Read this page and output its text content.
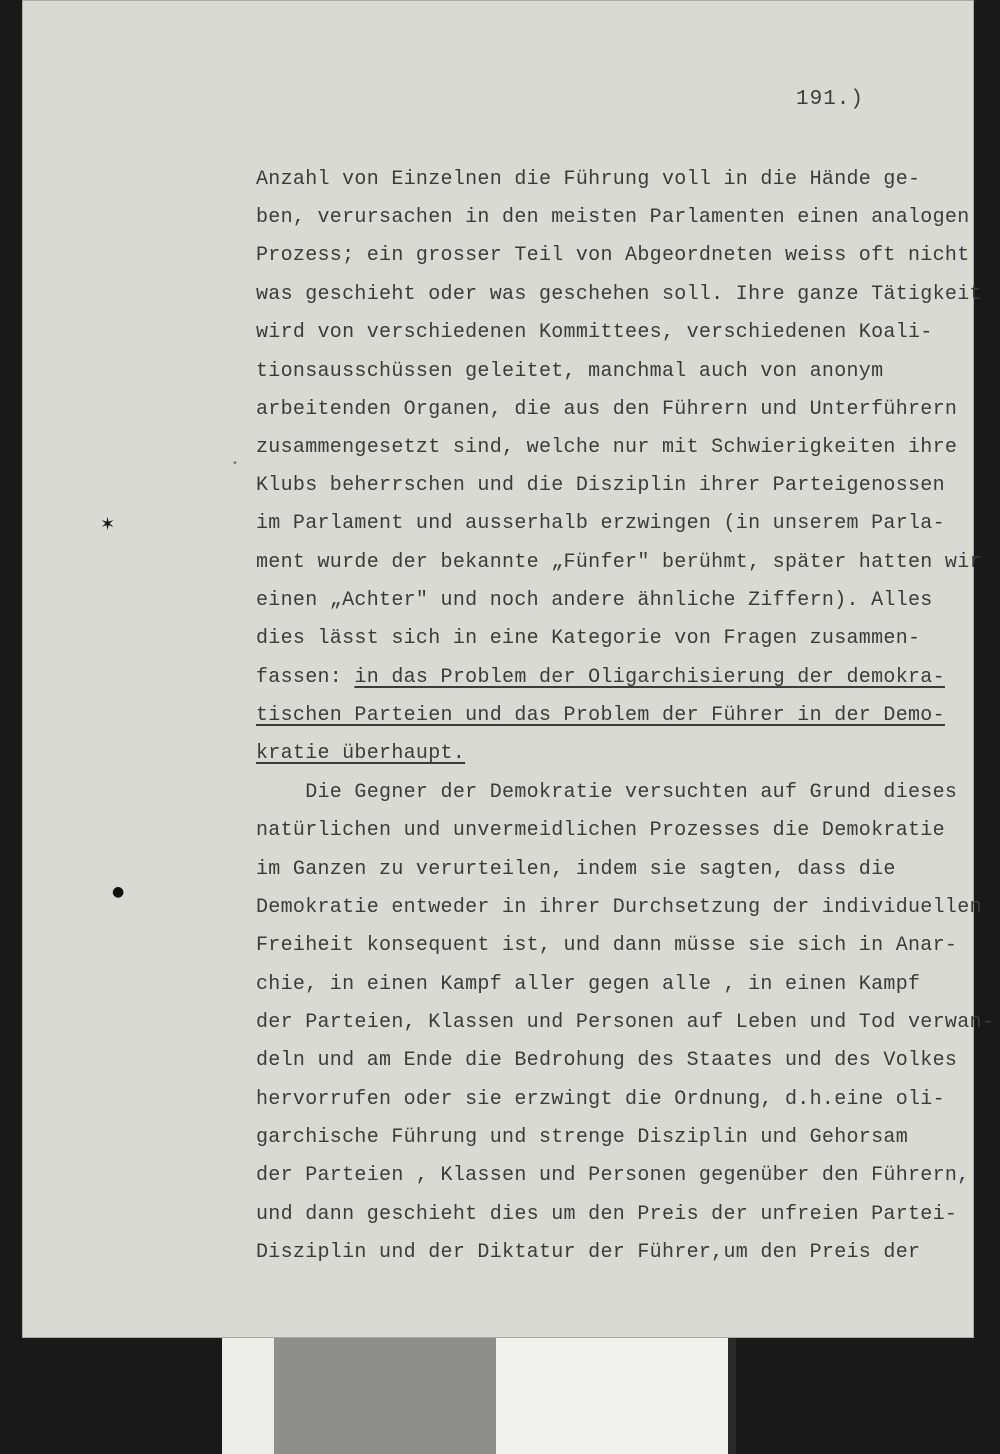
191.)
✶
●
•
Anzahl von Einzelnen die Führung voll in die Hände ge-
ben, verursachen in den meisten Parlamenten einen analogen
Prozess; ein grosser Teil von Abgeordneten weiss oft nicht
was geschieht oder was geschehen soll. Ihre ganze Tätigkeit
wird von verschiedenen Kommittees, verschiedenen Koali-
tionsausschüssen geleitet, manchmal auch von anonym
arbeitenden Organen, die aus den Führern und Unterführern
zusammengesetzt sind, welche nur mit Schwierigkeiten ihre
Klubs beherrschen und die Disziplin ihrer Parteigenossen
im Parlament und ausserhalb erzwingen (in unserem Parla-
ment wurde der bekannte „Fünfer" berühmt, später hatten wir
einen „Achter" und noch andere ähnliche Ziffern). Alles
dies lässt sich in eine Kategorie von Fragen zusammen-
fassen: in das Problem der Oligarchisierung der demokra-
tischen Parteien und das Problem der Führer in der Demo-
kratie überhaupt.
Die Gegner der Demokratie versuchten auf Grund dieses
natürlichen und unvermeidlichen Prozesses die Demokratie
im Ganzen zu verurteilen, indem sie sagten, dass die
Demokratie entweder in ihrer Durchsetzung der individuellen
Freiheit konsequent ist, und dann müsse sie sich in Anar-
chie, in einen Kampf aller gegen alle , in einen Kampf
der Parteien, Klassen und Personen auf Leben und Tod verwan-
deln und am Ende die Bedrohung des Staates und des Volkes
hervorrufen oder sie erzwingt die Ordnung, d.h.eine oli-
garchische Führung und strenge Disziplin und Gehorsam
der Parteien , Klassen und Personen gegenüber den Führern,
und dann geschieht dies um den Preis der unfreien Partei-
Disziplin und der Diktatur der Führer,um den Preis der
